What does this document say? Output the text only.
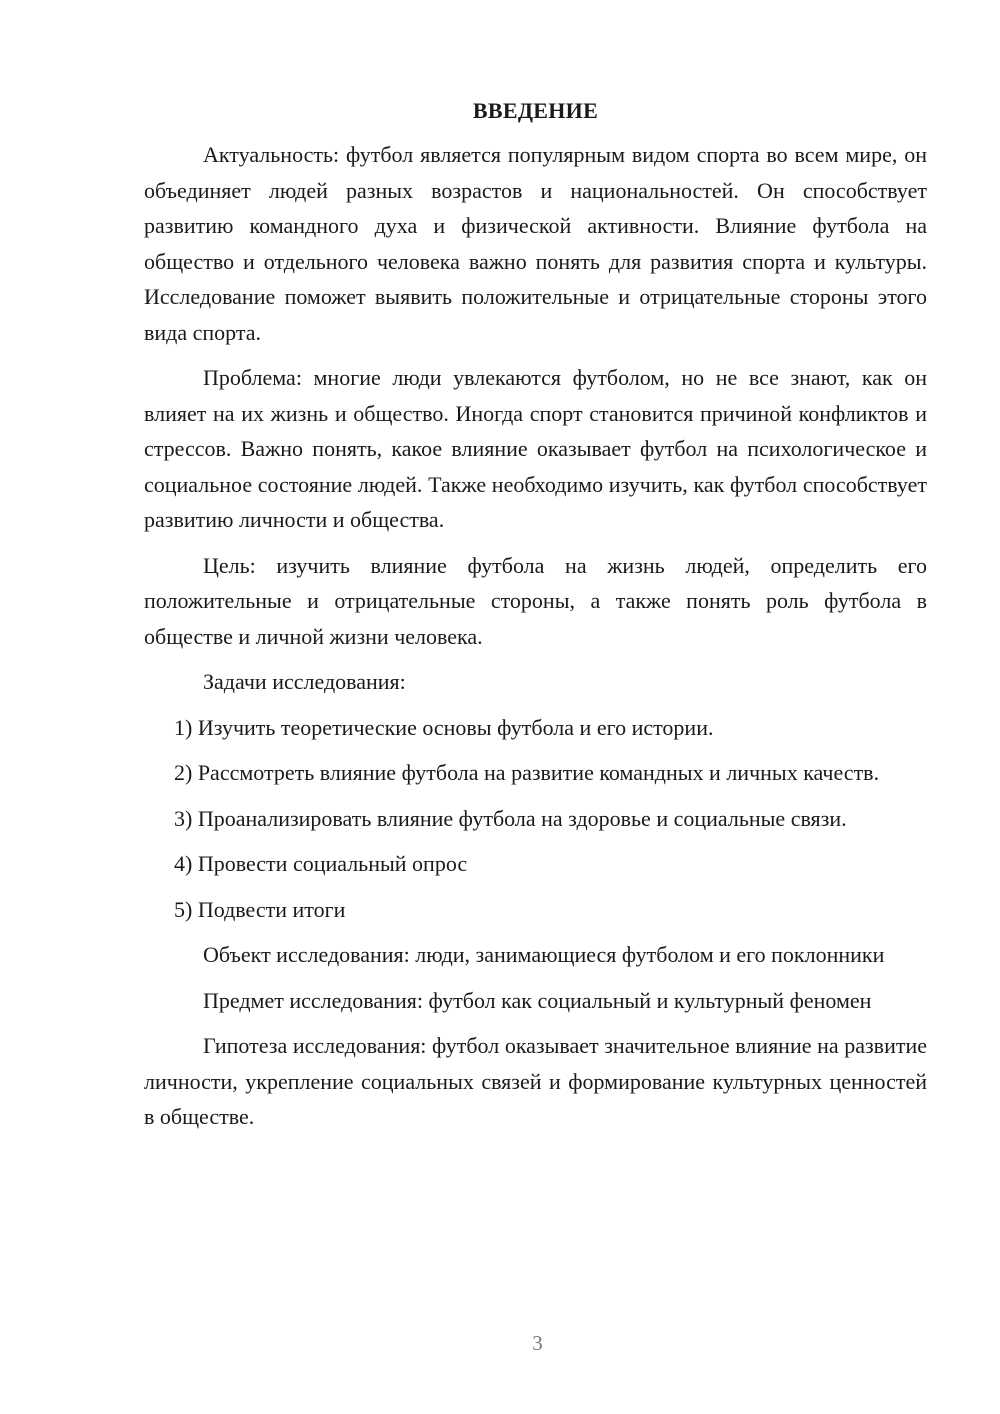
ВВЕДЕНИЕ

Актуальность: футбол является популярным видом спорта во всем мире, он объединяет людей разных возрастов и национальностей. Он способствует развитию командного духа и физической активности. Влияние футбола на общество и отдельного человека важно понять для развития спорта и культуры. Исследование поможет выявить положительные и отрицательные стороны этого вида спорта.

Проблема: многие люди увлекаются футболом, но не все знают, как он влияет на их жизнь и общество. Иногда спорт становится причиной конфликтов и стрессов. Важно понять, какое влияние оказывает футбол на психологическое и социальное состояние людей. Также необходимо изучить, как футбол способствует развитию личности и общества.

Цель: изучить влияние футбола на жизнь людей, определить его положительные и отрицательные стороны, а также понять роль футбола в обществе и личной жизни человека.

Задачи исследования:

1) Изучить теоретические основы футбола и его истории.

2) Рассмотреть влияние футбола на развитие командных и личных качеств.

3) Проанализировать влияние футбола на здоровье и социальные связи.

4) Провести социальный опрос

5) Подвести итоги

Объект исследования: люди, занимающиеся футболом и его поклонники

Предмет исследования: футбол как социальный и культурный феномен

Гипотеза исследования: футбол оказывает значительное влияние на развитие личности, укрепление социальных связей и формирование культурных ценностей в обществе.

3
